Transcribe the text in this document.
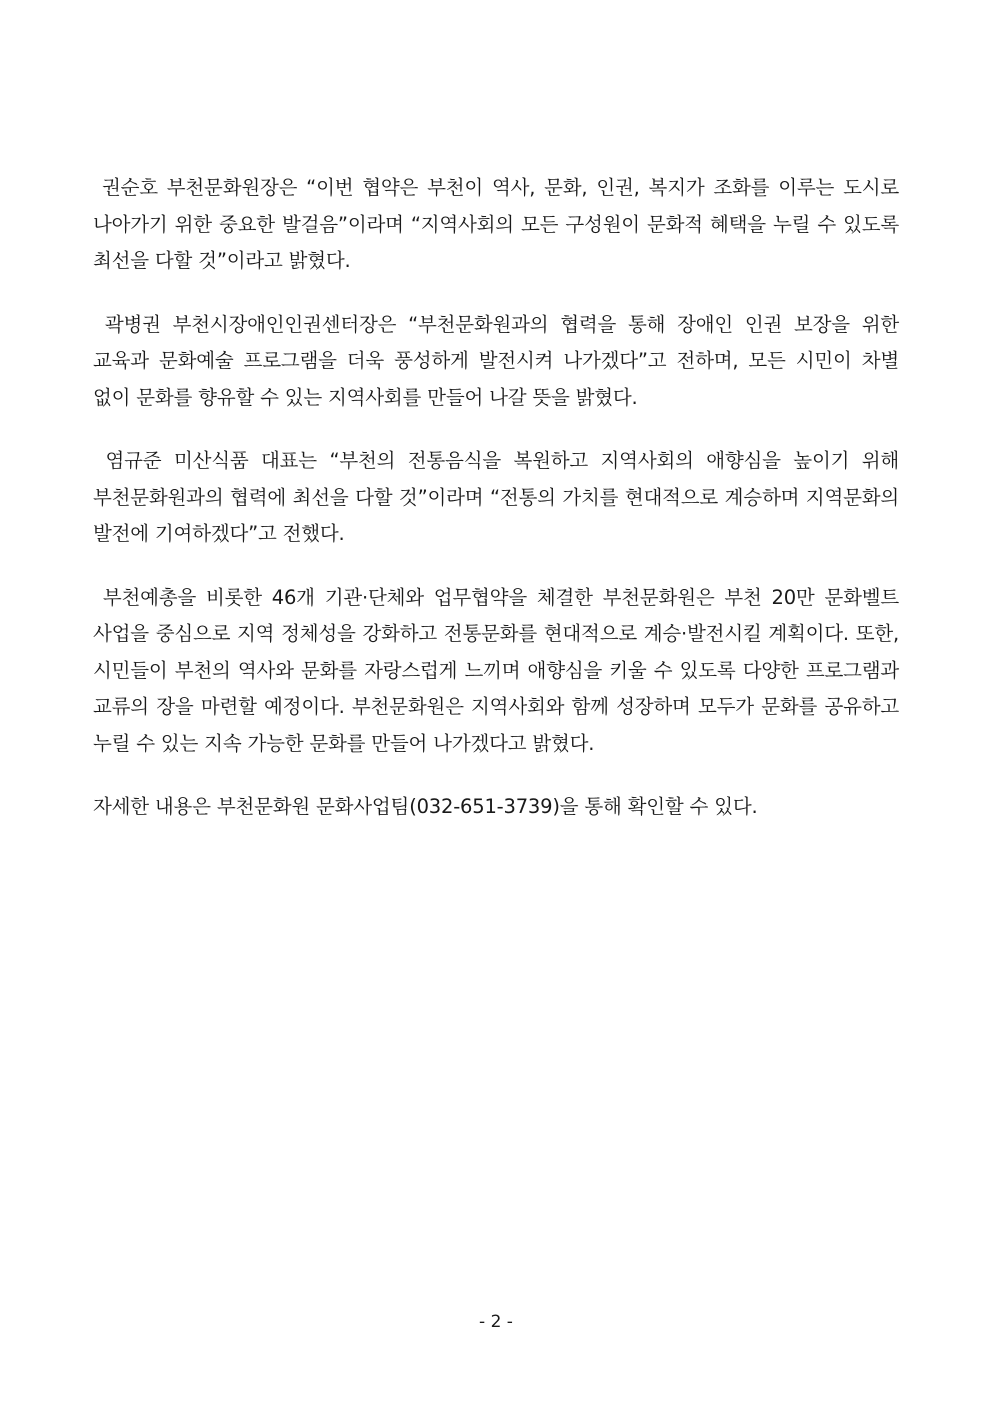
권순호 부천문화원장은 “이번 협약은 부천이 역사, 문화, 인권, 복지가 조화를 이루는 도시로 나아가기 위한 중요한 발걸음”이라며 “지역사회의 모든 구성원이 문화적 혜택을 누릴 수 있도록 최선을 다할 것”이라고 밝혔다.

곽병권 부천시장애인인권센터장은 “부천문화원과의 협력을 통해 장애인 인권 보장을 위한 교육과 문화예술 프로그램을 더욱 풍성하게 발전시켜 나가겠다”고 전하며, 모든 시민이 차별 없이 문화를 향유할 수 있는 지역사회를 만들어 나갈 뜻을 밝혔다.

염규준 미산식품 대표는 “부천의 전통음식을 복원하고 지역사회의 애향심을 높이기 위해 부천문화원과의 협력에 최선을 다할 것”이라며 “전통의 가치를 현대적으로 계승하며 지역문화의 발전에 기여하겠다”고 전했다.

부천예총을 비롯한 46개 기관·단체와 업무협약을 체결한 부천문화원은 부천 20만 문화벨트 사업을 중심으로 지역 정체성을 강화하고 전통문화를 현대적으로 계승·발전시킬 계획이다. 또한, 시민들이 부천의 역사와 문화를 자랑스럽게 느끼며 애향심을 키울 수 있도록 다양한 프로그램과 교류의 장을 마련할 예정이다. 부천문화원은 지역사회와 함께 성장하며 모두가 문화를 공유하고 누릴 수 있는 지속 가능한 문화를 만들어 나가겠다고 밝혔다.

자세한 내용은 부천문화원 문화사업팀(032-651-3739)을 통해 확인할 수 있다.

- 2 -
